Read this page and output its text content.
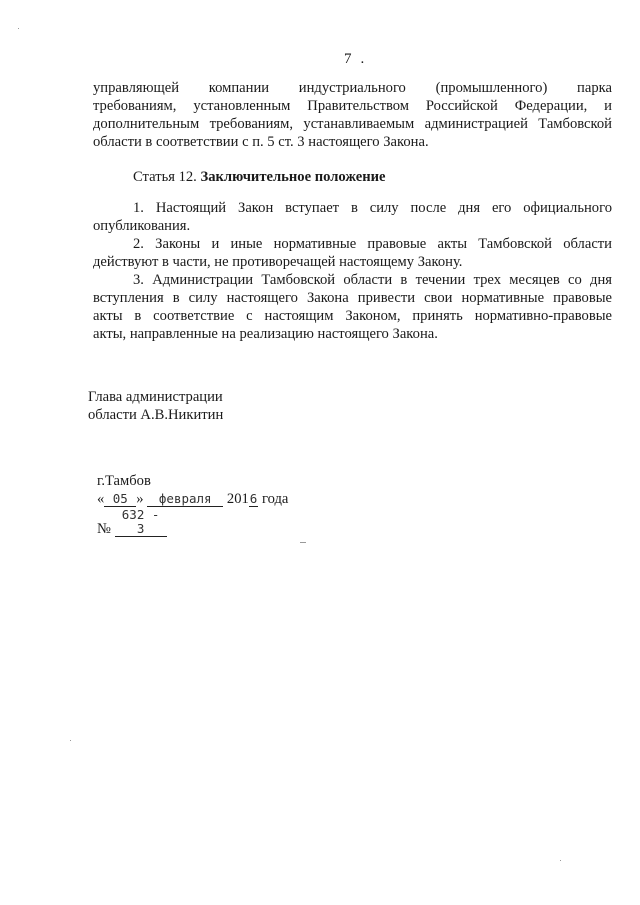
7 .

управляющей компании индустриального (промышленного) парка

требованиям, установленным Правительством Российской Федерации, и

дополнительным требованиям, устанавливаемым администрацией Тамбовской

области в соответствии с п. 5 ст. 3 настоящего Закона.

Статья 12. Заключительное положение

1. Настоящий Закон вступает в силу после дня его официального

опубликования.

2. Законы и иные нормативные правовые акты Тамбовской области

действуют в части, не противоречащей настоящему Закону.

3. Администрации Тамбовской области в течении трех месяцев со дня

вступления в силу настоящего Закона привести свои нормативные правовые

акты в соответствие с настоящим Законом, принять нормативно-правовые

акты, направленные на реализацию настоящего Закона.

Глава администрации

области А.В.Никитин

г.Тамбов

« 05 » февраля 2016 года

№ 632 - З
